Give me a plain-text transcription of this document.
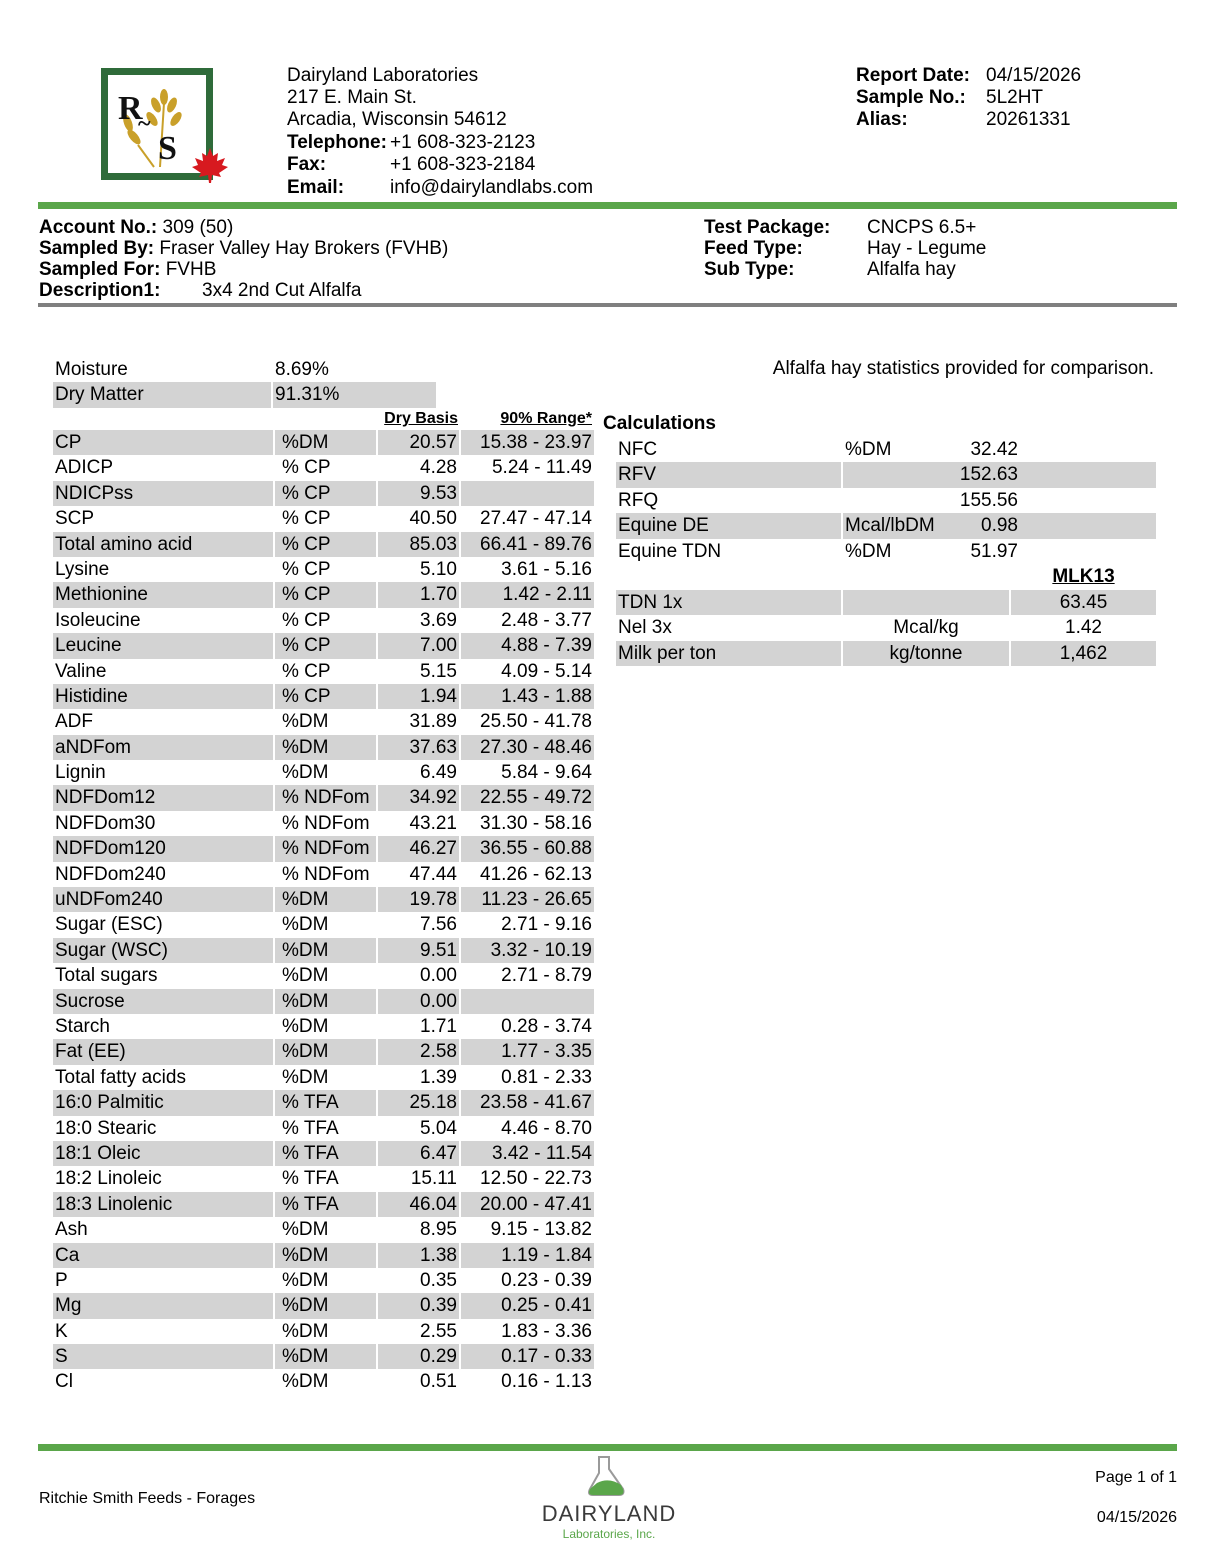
R
~
S
Dairyland Laboratories
217 E. Main St.
Arcadia, Wisconsin 54612
Telephone: +1 608-323-2123
Fax:	+1 608-323-2184
Email: info@dairylandlabs.com
Report Date: 04/15/2026
Sample No.: 5L2HT
Alias:	20261331
Account No.: 309 (50)
Sampled By: Fraser Valley Hay Brokers (FVHB)
Sampled For: FVHB
Description1: 3x4 2nd Cut Alfalfa
Test Package: CNCPS 6.5+
Feed Type:	Hay - Legume
Sub Type:	Alfalfa hay
Moisture	8.69%
Dry Matter	91.31%
Dry Basis	90% Range*
CP	%DM	20.57 15.38 - 23.97
ADICP	% CP	4.28 5.24 - 11.49
NDICPss	% CP	9.53
SCP	% CP	40.50 27.47 - 47.14
Total amino acid	% CP	85.03 66.41 - 89.76
Lysine	% CP	5.10 3.61 - 5.16
Methionine	% CP	1.70 1.42 - 2.11
Isoleucine	% CP	3.69 2.48 - 3.77
Leucine	% CP	7.00 4.88 - 7.39
Valine	% CP	5.15 4.09 - 5.14
Histidine	% CP	1.94 1.43 - 1.88
ADF	%DM	31.89 25.50 - 41.78
aNDFom	%DM	37.63 27.30 - 48.46
Lignin	%DM	6.49 5.84 - 9.64
NDFDom12	% NDFom 34.92 22.55 - 49.72
NDFDom30	% NDFom 43.21 31.30 - 58.16
NDFDom120	% NDFom 46.27 36.55 - 60.88
NDFDom240	% NDFom 47.44 41.26 - 62.13
uNDFom240	%DM	19.78 11.23 - 26.65
Sugar (ESC)	%DM	7.56 2.71 - 9.16
Sugar (WSC)	%DM	9.51 3.32 - 10.19
Total sugars	%DM	0.00 2.71 - 8.79
Sucrose	%DM	0.00
Starch	%DM	1.71 0.28 - 3.74
Fat (EE)	%DM	2.58 1.77 - 3.35
Total fatty acids	%DM	1.39 0.81 - 2.33
16:0 Palmitic	% TFA	25.18 23.58 - 41.67
18:0 Stearic	% TFA	5.04 4.46 - 8.70
18:1 Oleic	% TFA	6.47 3.42 - 11.54
18:2 Linoleic	% TFA	15.11 12.50 - 22.73
18:3 Linolenic	% TFA	46.04 20.00 - 47.41
Ash	%DM	8.95 9.15 - 13.82
Ca	%DM	1.38 1.19 - 1.84
P	%DM	0.35 0.23 - 0.39
Mg	%DM	0.39 0.25 - 0.41
K	%DM	2.55 1.83 - 3.36
S	%DM	0.29 0.17 - 0.33
Cl	%DM	0.51 0.16 - 1.13
Alfalfa hay statistics provided for comparison.
Calculations
NFC	%DM	32.42
RFV	152.63
RFQ	155.56
Equine DE	Mcal/lbDM	0.98
Equine TDN	%DM	51.97
MLK13
TDN 1x	63.45
Nel 3x	Mcal/kg	1.42
Milk per ton	kg/tonne	1,462
Ritchie Smith Feeds - Forages
DAIRYLAND
Laboratories, Inc.
Page 1 of 1
04/15/2026
